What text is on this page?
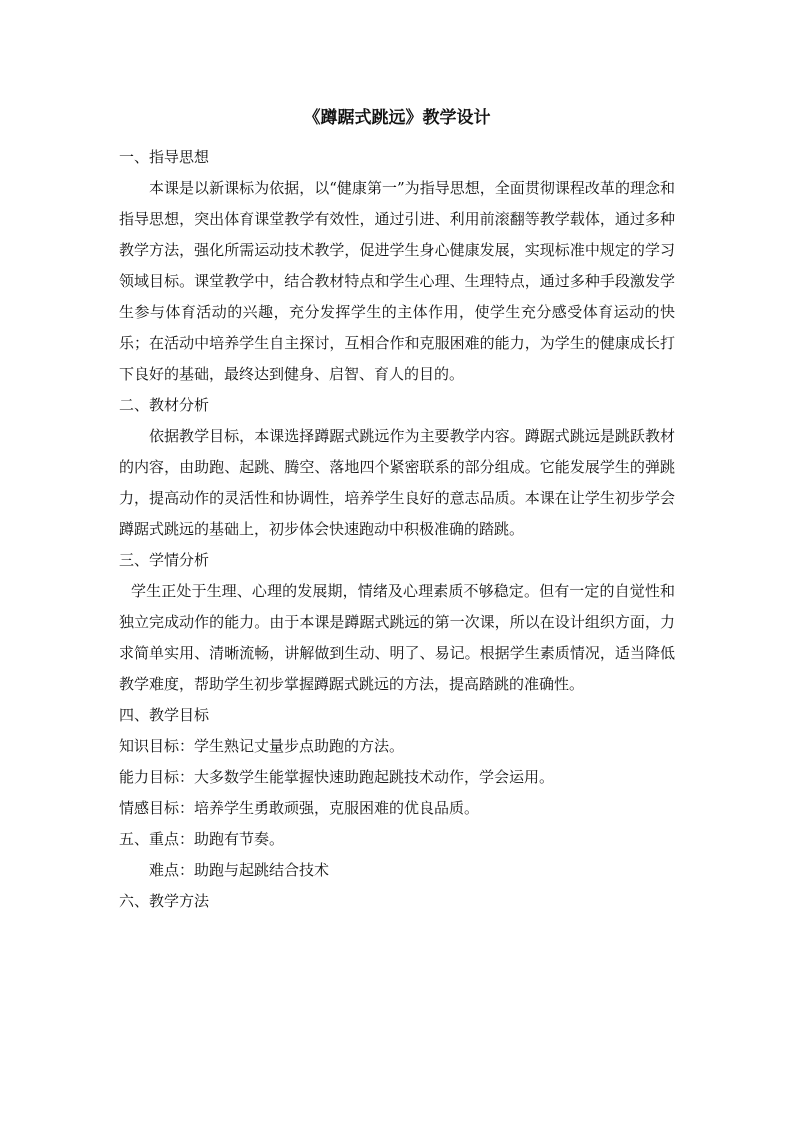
《蹲踞式跳远》教学设计

一、指导思想

本课是以新课标为依据，以“健康第一”为指导思想，全面贯彻课程改革的理念和指导思想，突出体育课堂教学有效性，通过引进、利用前滚翻等教学载体，通过多种教学方法，强化所需运动技术教学，促进学生身心健康发展，实现标准中规定的学习领域目标。课堂教学中，结合教材特点和学生心理、生理特点，通过多种手段激发学生参与体育活动的兴趣，充分发挥学生的主体作用，使学生充分感受体育运动的快乐；在活动中培养学生自主探讨，互相合作和克服困难的能力，为学生的健康成长打下良好的基础，最终达到健身、启智、育人的目的。

二、教材分析

依据教学目标，本课选择蹲踞式跳远作为主要教学内容。蹲踞式跳远是跳跃教材的内容，由助跑、起跳、腾空、落地四个紧密联系的部分组成。它能发展学生的弹跳力，提高动作的灵活性和协调性，培养学生良好的意志品质。本课在让学生初步学会蹲踞式跳远的基础上，初步体会快速跑动中积极准确的踏跳。

三、学情分析

学生正处于生理、心理的发展期，情绪及心理素质不够稳定。但有一定的自觉性和独立完成动作的能力。由于本课是蹲踞式跳远的第一次课，所以在设计组织方面，力求简单实用、清晰流畅，讲解做到生动、明了、易记。根据学生素质情况，适当降低教学难度，帮助学生初步掌握蹲踞式跳远的方法，提高踏跳的准确性。

四、教学目标

知识目标：学生熟记丈量步点助跑的方法。

能力目标：大多数学生能掌握快速助跑起跳技术动作，学会运用。

情感目标：培养学生勇敢顽强，克服困难的优良品质。

五、重点：助跑有节奏。

难点：助跑与起跳结合技术

六、教学方法
